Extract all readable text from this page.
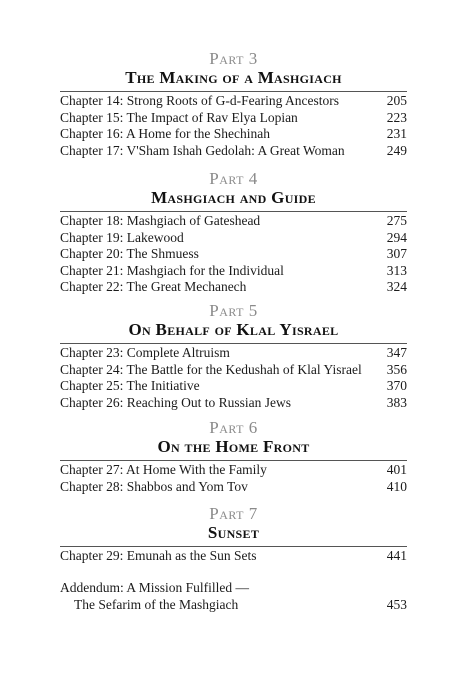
Part 3
The Making of a Mashgiach
Chapter 14: Strong Roots of G-d-Fearing Ancestors	205
Chapter 15: The Impact of Rav Elya Lopian	223
Chapter 16: A Home for the Shechinah	231
Chapter 17: V'Sham Ishah Gedolah: A Great Woman	249
Part 4
Mashgiach and Guide
Chapter 18: Mashgiach of Gateshead	275
Chapter 19: Lakewood	294
Chapter 20: The Shmuess	307
Chapter 21: Mashgiach for the Individual	313
Chapter 22: The Great Mechanech	324
Part 5
On Behalf of Klal Yisrael
Chapter 23: Complete Altruism	347
Chapter 24: The Battle for the Kedushah of Klal Yisrael	356
Chapter 25: The Initiative	370
Chapter 26: Reaching Out to Russian Jews	383
Part 6
On the Home Front
Chapter 27: At Home With the Family	401
Chapter 28: Shabbos and Yom Tov	410
Part 7
Sunset
Chapter 29: Emunah as the Sun Sets	441
Addendum: A Mission Fulfilled —
The Sefarim of the Mashgiach	453
